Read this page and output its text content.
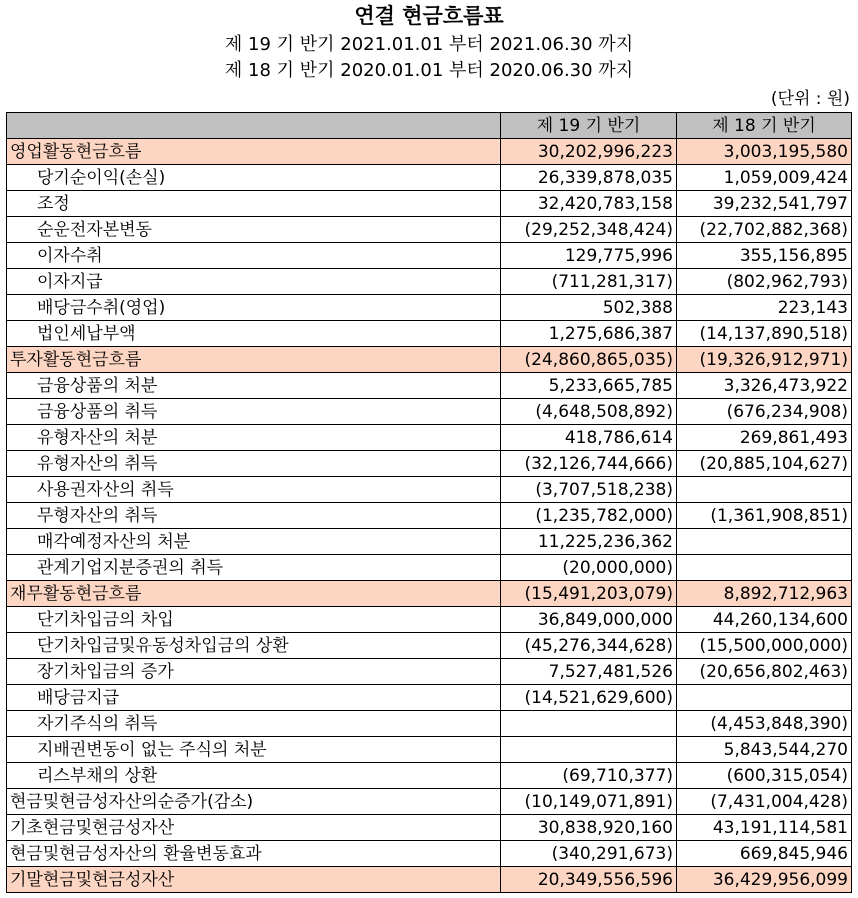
연결 현금흐름표
제 19 기 반기 2021.01.01 부터 2021.06.30 까지
제 18 기 반기 2020.01.01 부터 2020.06.30 까지
(단위 : 원)
	제 19 기 반기	제 18 기 반기
영업활동현금흐름	30,202,996,223	3,003,195,580
당기순이익(손실)	26,339,878,035	1,059,009,424
조정	32,420,783,158	39,232,541,797
순운전자본변동	(29,252,348,424)	(22,702,882,368)
이자수취	129,775,996	355,156,895
이자지급	(711,281,317)	(802,962,793)
배당금수취(영업)	502,388	223,143
법인세납부액	1,275,686,387	(14,137,890,518)
투자활동현금흐름	(24,860,865,035)	(19,326,912,971)
금융상품의 처분	5,233,665,785	3,326,473,922
금융상품의 취득	(4,648,508,892)	(676,234,908)
유형자산의 처분	418,786,614	269,861,493
유형자산의 취득	(32,126,744,666)	(20,885,104,627)
사용권자산의 취득	(3,707,518,238)	
무형자산의 취득	(1,235,782,000)	(1,361,908,851)
매각예정자산의 처분	11,225,236,362	
관계기업지분증권의 취득	(20,000,000)	
재무활동현금흐름	(15,491,203,079)	8,892,712,963
단기차입금의 차입	36,849,000,000	44,260,134,600
단기차입금및유동성차입금의 상환	(45,276,344,628)	(15,500,000,000)
장기차입금의 증가	7,527,481,526	(20,656,802,463)
배당금지급	(14,521,629,600)	
자기주식의 취득		(4,453,848,390)
지배권변동이 없는 주식의 처분		5,843,544,270
리스부채의 상환	(69,710,377)	(600,315,054)
현금및현금성자산의순증가(감소)	(10,149,071,891)	(7,431,004,428)
기초현금및현금성자산	30,838,920,160	43,191,114,581
현금및현금성자산의 환율변동효과	(340,291,673)	669,845,946
기말현금및현금성자산	20,349,556,596	36,429,956,099
